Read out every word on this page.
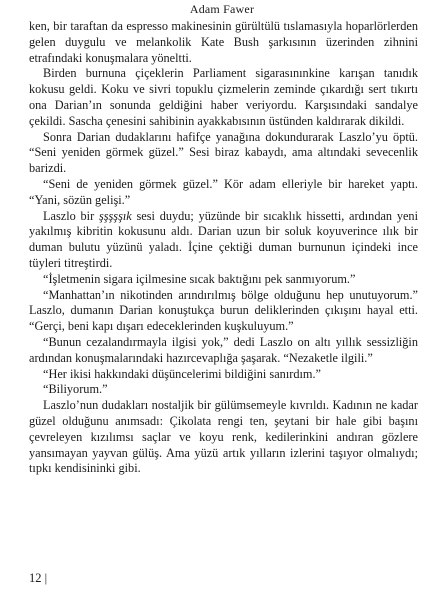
Adam Fawer

ken, bir taraftan da espresso makinesinin gürültülü tıslamasıyla hoparlörlerden gelen duygulu ve melankolik Kate Bush şarkısının üzerinden zihnini etrafındaki konuşmalara yöneltti.

Birden burnuna çiçeklerin Parliament sigarasınınkine karışan tanıdık kokusu geldi. Koku ve sivri topuklu çizmelerin zeminde çıkardığı sert tıkırtı ona Darian’ın sonunda geldiğini haber veriyordu. Karşısındaki sandalye çekildi. Sascha çenesini sahibinin ayakkabısının üstünden kaldırarak dikildi.

Sonra Darian dudaklarını hafifçe yanağına dokundurarak Laszlo’yu öptü. “Seni yeniden görmek güzel.” Sesi biraz kabaydı, ama altındaki sevecenlik barizdi.

“Seni de yeniden görmek güzel.” Kör adam elleriyle bir hareket yaptı. “Yani, sözün gelişi.”

Laszlo bir şşşşşık sesi duydu; yüzünde bir sıcaklık hissetti, ardından yeni yakılmış kibritin kokusunu aldı. Darian uzun bir soluk koyuverince ılık bir duman bulutu yüzünü yaladı. İçine çektiği duman burnunun içindeki ince tüyleri titreştirdi.

“İşletmenin sigara içilmesine sıcak baktığını pek sanmıyorum.”

“Manhattan’ın nikotinden arındırılmış bölge olduğunu hep unutuyorum.” Laszlo, dumanın Darian konuştukça burun deliklerinden çıkışını hayal etti. “Gerçi, beni kapı dışarı edeceklerinden kuşkuluyum.”

“Bunun cezalandırmayla ilgisi yok,” dedi Laszlo on altı yıllık sessizliğin ardından konuşmalarındaki hazırcevaplığa şaşarak. “Nezaketle ilgili.”

“Her ikisi hakkındaki düşüncelerimi bildiğini sanırdım.”

“Biliyorum.”

Laszlo’nun dudakları nostaljik bir gülümsemeyle kıvrıldı. Kadının ne kadar güzel olduğunu anımsadı: Çikolata rengi ten, şeytani bir hale gibi başını çevreleyen kızılımsı saçlar ve koyu renk, kedilerinkini andıran gözlere yansımayan yayvan gülüş. Ama yüzü artık yılların izlerini taşıyor olmalıydı; tıpkı kendisininki gibi.

12 |
